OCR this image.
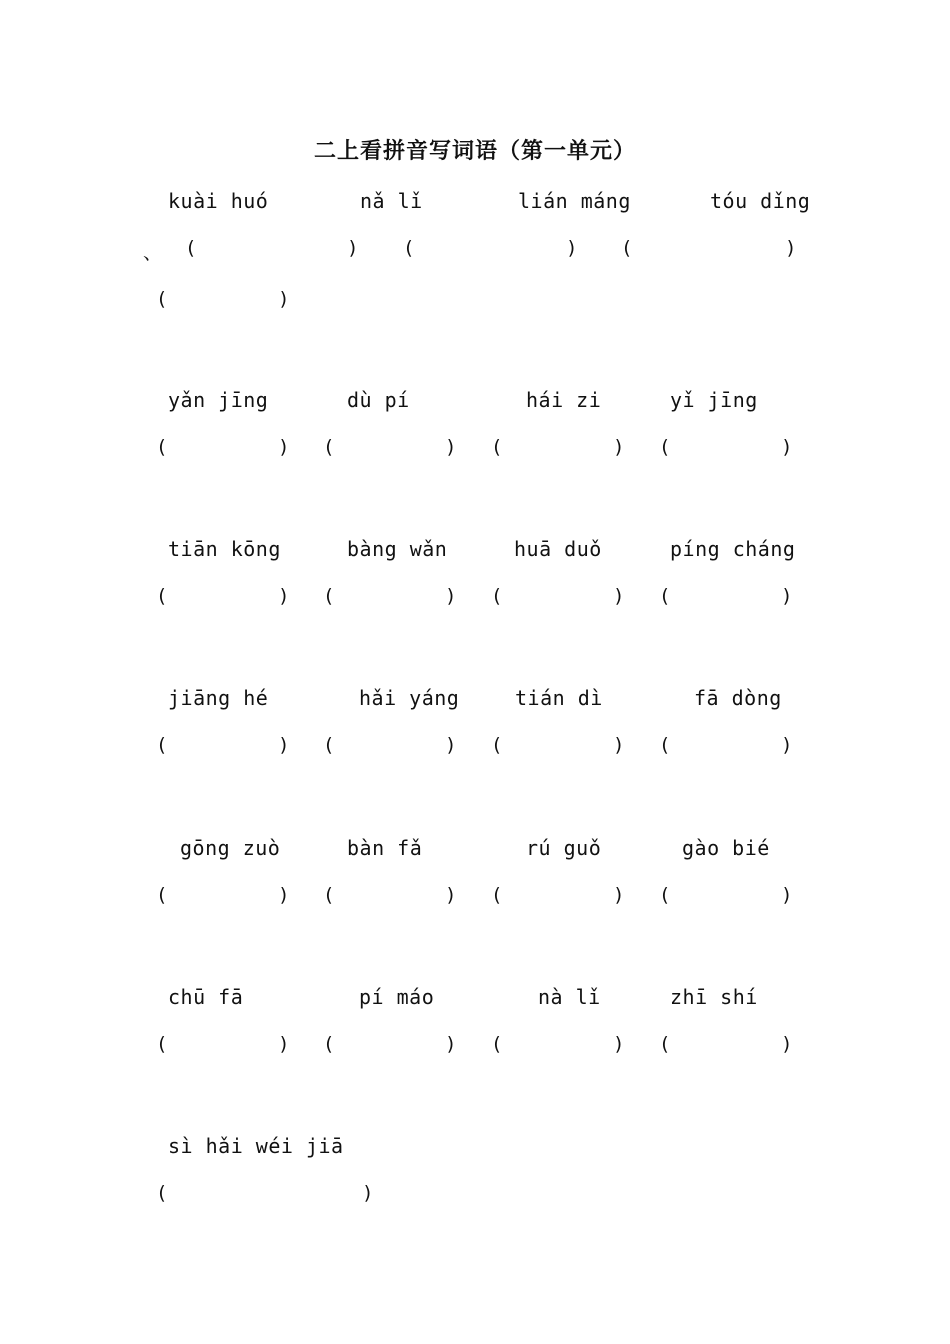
二上看拼音写词语（第一单元）
kuài huó	nǎ lǐ	lián máng	tóu dǐng
、 (	) (	) (	)
(	)
yǎn jīng	dù pí	hái zi	yǐ jīng
(	) (	) (	) (	)
tiān kōng	bàng wǎn	huā duǒ	píng cháng
(	) (	) (	) (	)
jiāng hé	hǎi yáng	tián dì	fā dòng
(	) (	) (	) (	)
gōng zuò	bàn fǎ	rú guǒ	gào bié
(	) (	) (	) (	)
chū fā	pí máo	nà lǐ	zhī shí
(	) (	) (	) (	)
sì hǎi wéi jiā
(	)
